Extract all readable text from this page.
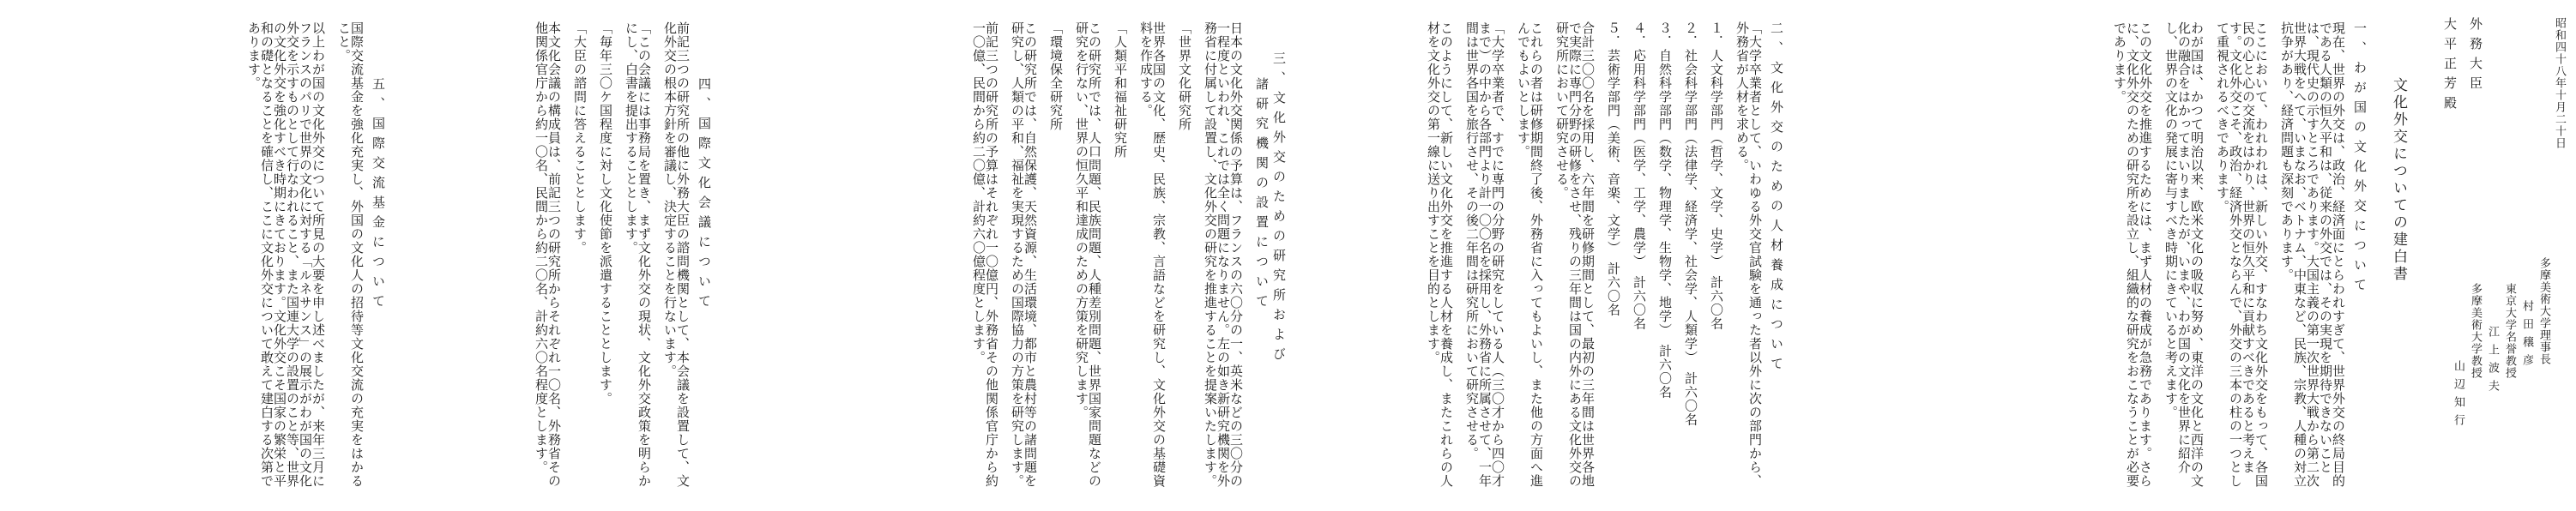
昭和四十八年十月二十日
外務大臣
大平正芳殿
多摩美術大学理事長
村田穣彦
東京大学名誉教授
江上波夫
多摩美術大学教授
山辺知行
文化外交についての建白書
一、わが国の文化外交について

現在、世界の外交は、政治、経済面にとらわれすぎて、世界外交の終局目的である人類の恒久平和は、従来の外交では、その実現を期待できないことは、現代史の示すところであります。大国主義の第一次世界大戦から第二次世界大戦をへて、いまなお、ベトナム、中東など、民族、宗教、人種の対立抗争があり、経済問題も深刻であります。

ここにおいて、われわれは、新しい外交、すなわち文化外交をもって、各国民の心と心の交流をはかり、世界の恒久平和に貢献すべきであると考えます。文化外交こそ、政治、経済外交とならんで、外交の三本の柱の一つとして重視されるべきであります。

わが国は、かつて明治以来、欧米文化の吸収に努め、東洋の文化と西洋の文化の融合をはかってまいりましたが、いまや、わが国の文化を世界に紹介し、世界の文化の発展に寄与すべき時期にきていると考えます。

この文化外交を推進するためには、まず人材の養成が急務であります。さらに、文化外交のための研究所を設立し、組織的な研究をおこなうことが必要であります。

二、文化外交のための人材養成について

「大学卒業者として、いわゆる外交官試験を通った者以外に次の部門から、外務省が人材を求める。

１．人文科学部門（哲学、文学、史学）　計六〇名

２．社会科学部門（法律学、経済学、社会学、人類学）　計六〇名

３．自然科学部門（数学、物理学、生物学、地学）　計六〇名

４．応用科学部門（医学、工学、農学）　計六〇名

５．芸術学部門（美術、音楽、文学）　計六〇名

合計三〇〇名を採用し、六年間を研修期間として、最初の三年間は世界各地で実際に専門分野の研修をさせ、残りの三年間は国の内外にある文化外交の研究所において研究させる。

これらの者は研修期間終了後、外務省に入ってもよいし、また他の方面へ進んでもよいとします。

「大学卒業者で、すでに専門の分野の研究をしている人（三〇才から四〇才まで）の中から各部門より計一〇〇名を採用し、外務省に所属させて、一年間は世界各国を旅行させ、その後二年間は研究所において研究させる。

このようにして、新しい文化外交を推進する人材を養成し、またこれらの人材を文化外交の第一線に送り出すことを目的とします。

三、文化外交のための研究所および
諸研究機関の設置について

日本の文化外交関係の予算は、フランスの六〇分の一、英米などの三〇分の一程度といわれ、これでは全く問題になりません。左の如き新研究機関を外務省に付属して設置し、文化外交の研究を推進することを提案いたします。

「世界文化研究所

世界各国の文化、歴史、民族、宗教、言語などを研究し、文化外交の基礎資料を作成する。

「人類平和福祉研究所

この研究所では、人口問題、民族問題、人種差別問題、世界国家問題などの研究を行ない、世界の恒久平和達成のための方策を研究します。

「環境保全研究所

この研究所では、自然保護、天然資源、生活環境、都市と農村等の諸問題を研究し、人類の平和、福祉を実現するための国際協力の方策を研究します。

前記三つの研究所の予算はそれぞれ一〇億円、外務省その他関係官庁から約一〇億、民間から約二〇億、計約六〇億程度とします。

四、国際文化会議について

前記三つの研究所の他に外務大臣の諮問機関として、本会議を設置して、文化外交の根本方針を審議し、決定することを行ないます。

「この会議には事務局を置き、まず文化外交の現状、文化外交政策を明らかにし、白書を提出することとします。

「毎年三〇ケ国程度に対し文化使節を派遣することとします。

「大臣の諮問に答えることとします。

本文化会議の構成員は、前記三つの研究所からそれぞれ一〇名、外務省その他関係官庁から約一〇名、民間から約二〇名、計約六〇名程度とします。

五、国際交流基金について

国際交流基金を強化充実し、外国の文化人の招待等文化交流の充実をはかること。

以上わが国の文化外交について所見の大要を申し述べましたが、来年三月にフランスのパリで世界の文化に対する「ルネサンス」の展示がわが国の文化外交を示すものとして行なわれること、また国連大学の設置のこと等、世界の文化外交を強化すべき時期にきております。文化外交こそ国家の繁栄と平和の礎となることを確信し、ここに文化外交について敢えて建白する次第であります。
